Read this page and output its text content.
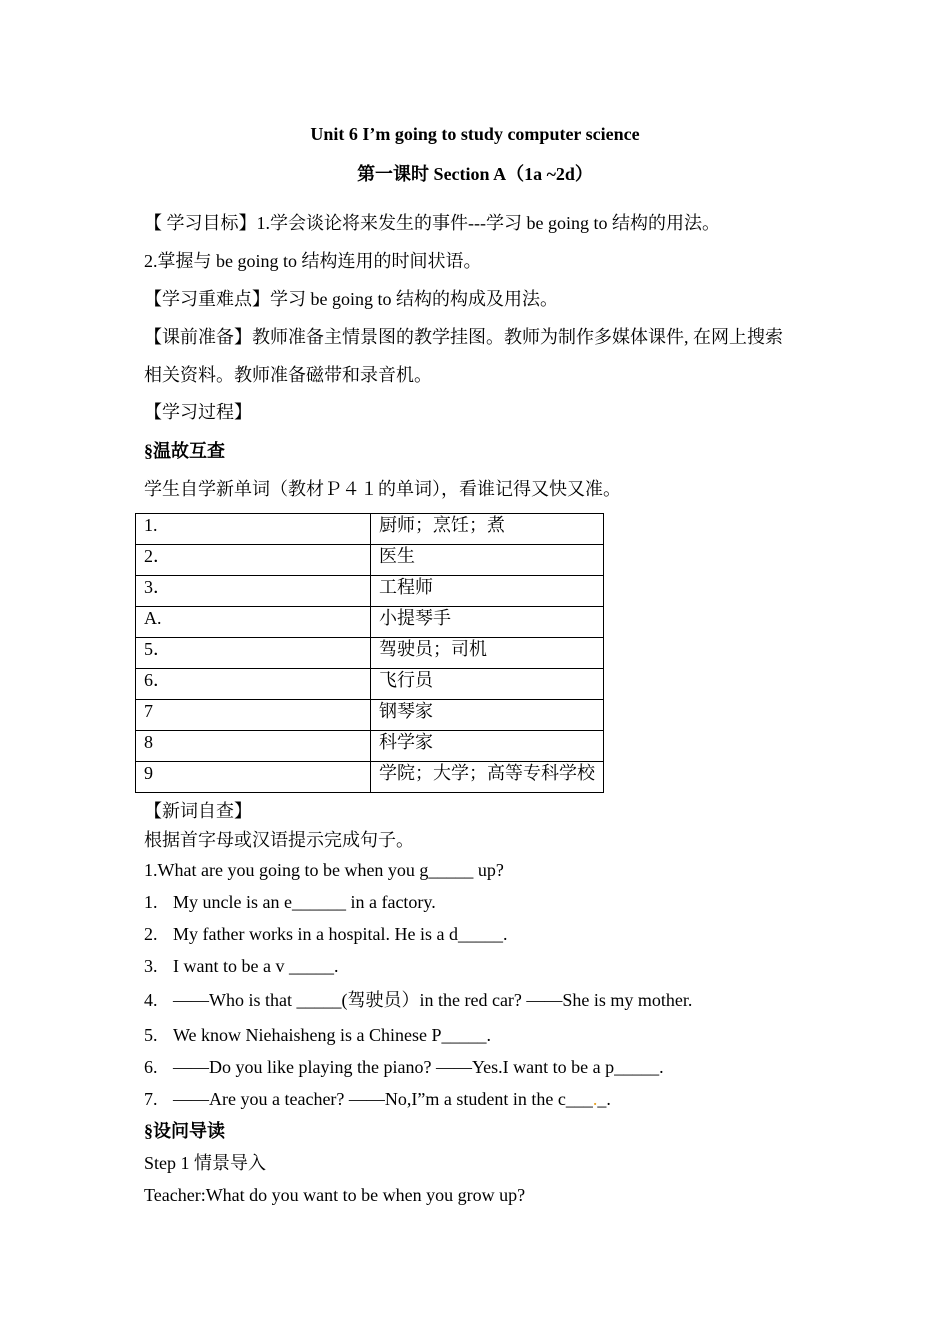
Unit 6 I’m going to study computer science
第一课时 Section A（1a ~2d）
【 学习目标】1.学会谈论将来发生的事件---学习 be going to 结构的用法。
2.掌握与 be going to 结构连用的时间状语。
【学习重难点】学习 be going to 结构的构成及用法。
【课前准备】教师准备主情景图的教学挂图。教师为制作多媒体课件, 在网上搜索
相关资料。教师准备磁带和录音机。
【学习过程】
§温故互查
学生自学新单词（教材Ｐ４１的单词），看谁记得又快又准。
1.	厨师；烹饪；煮
2．	医生
3．	工程师
A.	小提琴手
5．	驾驶员；司机
6．	飞行员
7	钢琴家
8	科学家
9	学院；大学；高等专科学校
【新词自查】
根据首字母或汉语提示完成句子。
1.What are you going to be when you g_____ up?
1. My uncle is an e______ in a factory.
2. My father works in a hospital. He is a d_____.
3. I want to be a v _____.
4. ——Who is that _____(驾驶员）in the red car? ——She is my mother.
5. We know Niehaisheng is a Chinese P_____.
6. ——Do you like playing the piano? ——Yes.I want to be a p_____.
7. ——Are you a teacher? ——No,I”m a student in the c___._.
§设问导读
Step 1 情景导入
Teacher:What do you want to be when you grow up?
